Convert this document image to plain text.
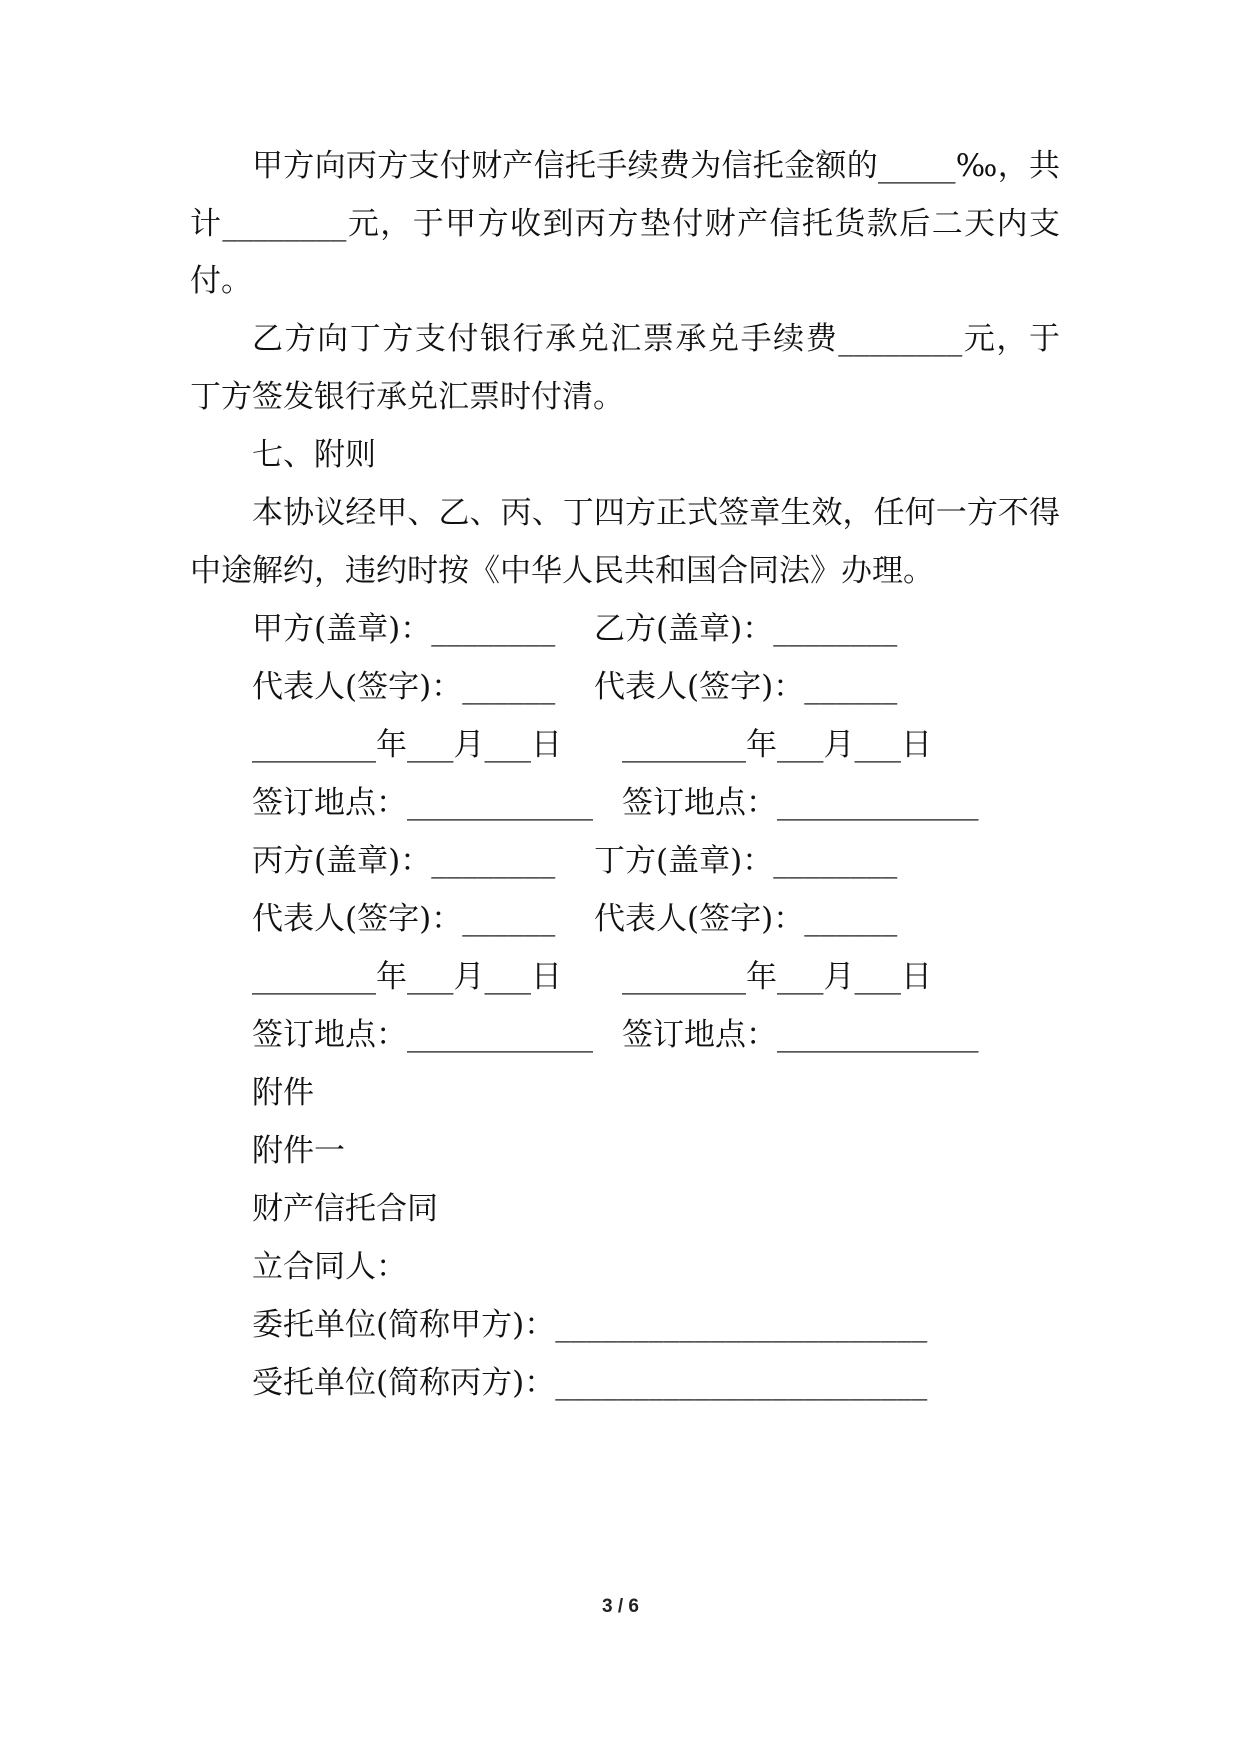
甲方向丙方支付财产信托手续费为信托金额的_____‰，共
计________元，于甲方收到丙方垫付财产信托货款后二天内支
付。
乙方向丁方支付银行承兑汇票承兑手续费________元，于
丁方签发银行承兑汇票时付清。
七、附则
本协议经甲、乙、丙、丁四方正式签章生效，任何一方不得
中途解约，违约时按《中华人民共和国合同法》办理。
甲方(盖章)：________ 乙方(盖章)：________
代表人(签字)：______ 代表人(签字)：______
________年___月___日 ________年___月___日
签订地点：____________ 签订地点：_____________
丙方(盖章)：________ 丁方(盖章)：________
代表人(签字)：______ 代表人(签字)：______
________年___月___日 ________年___月___日
签订地点：____________ 签订地点：_____________
附件
附件一
财产信托合同
立合同人：
委托单位(简称甲方)：________________________
受托单位(简称丙方)：________________________
3 / 6
